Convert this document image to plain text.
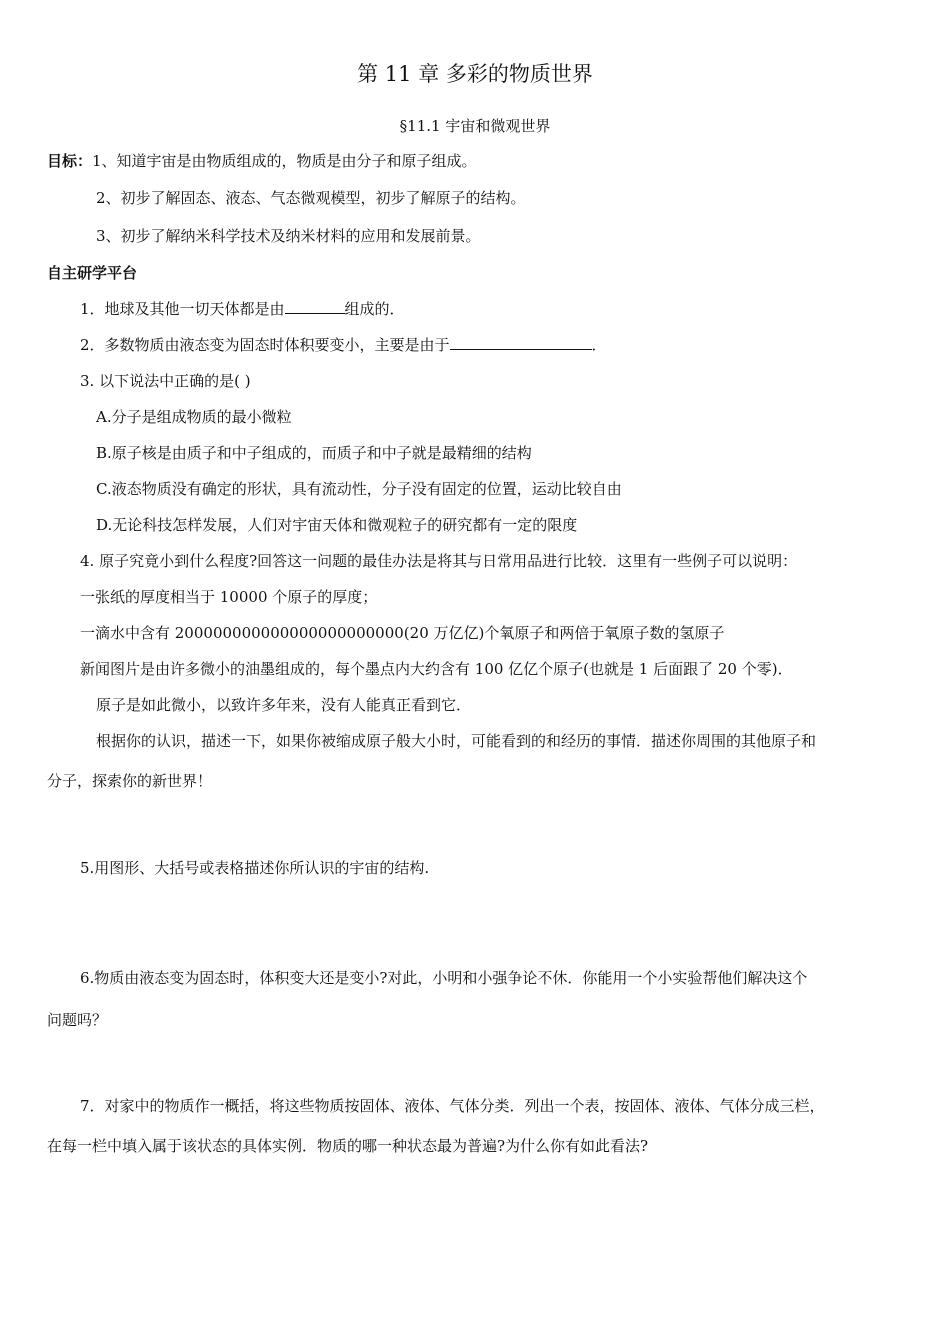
第 11 章 多彩的物质世界
§11.1 宇宙和微观世界
目标：1、知道宇宙是由物质组成的，物质是由分子和原子组成。
2、初步了解固态、液态、气态微观模型，初步了解原子的结构。
3、初步了解纳米科学技术及纳米材料的应用和发展前景。
自主研学平台
1．地球及其他一切天体都是由	组成的．
2．多数物质由液态变为固态时体积要变小，主要是由于	．
3. 以下说法中正确的是( )
A.分子是组成物质的最小微粒
B.原子核是由质子和中子组成的，而质子和中子就是最精细的结构
C.液态物质没有确定的形状，具有流动性，分子没有固定的位置，运动比较自由
D.无论科技怎样发展，人们对宇宙天体和微观粒子的研究都有一定的限度
4. 原子究竟小到什么程度?回答这一问题的最佳办法是将其与日常用品进行比较．这里有一些例子可以说明：
一张纸的厚度相当于 10000 个原子的厚度；
一滴水中含有 200000000000000000000000(20 万亿亿)个氧原子和两倍于氧原子数的氢原子
新闻图片是由许多微小的油墨组成的，每个墨点内大约含有 100 亿亿个原子(也就是 1 后面跟了 20 个零)．
原子是如此微小，以致许多年来，没有人能真正看到它．
根据你的认识，描述一下，如果你被缩成原子般大小时，可能看到的和经历的事情．描述你周围的其他原子和
分子，探索你的新世界！
5.用图形、大括号或表格描述你所认识的宇宙的结构.
6.物质由液态变为固态时，体积变大还是变小?对此，小明和小强争论不休．你能用一个小实验帮他们解决这个
问题吗？
7．对家中的物质作一概括，将这些物质按固体、液体、气体分类．列出一个表，按固体、液体、气体分成三栏，
在每一栏中填入属于该状态的具体实例．物质的哪一种状态最为普遍?为什么你有如此看法?
